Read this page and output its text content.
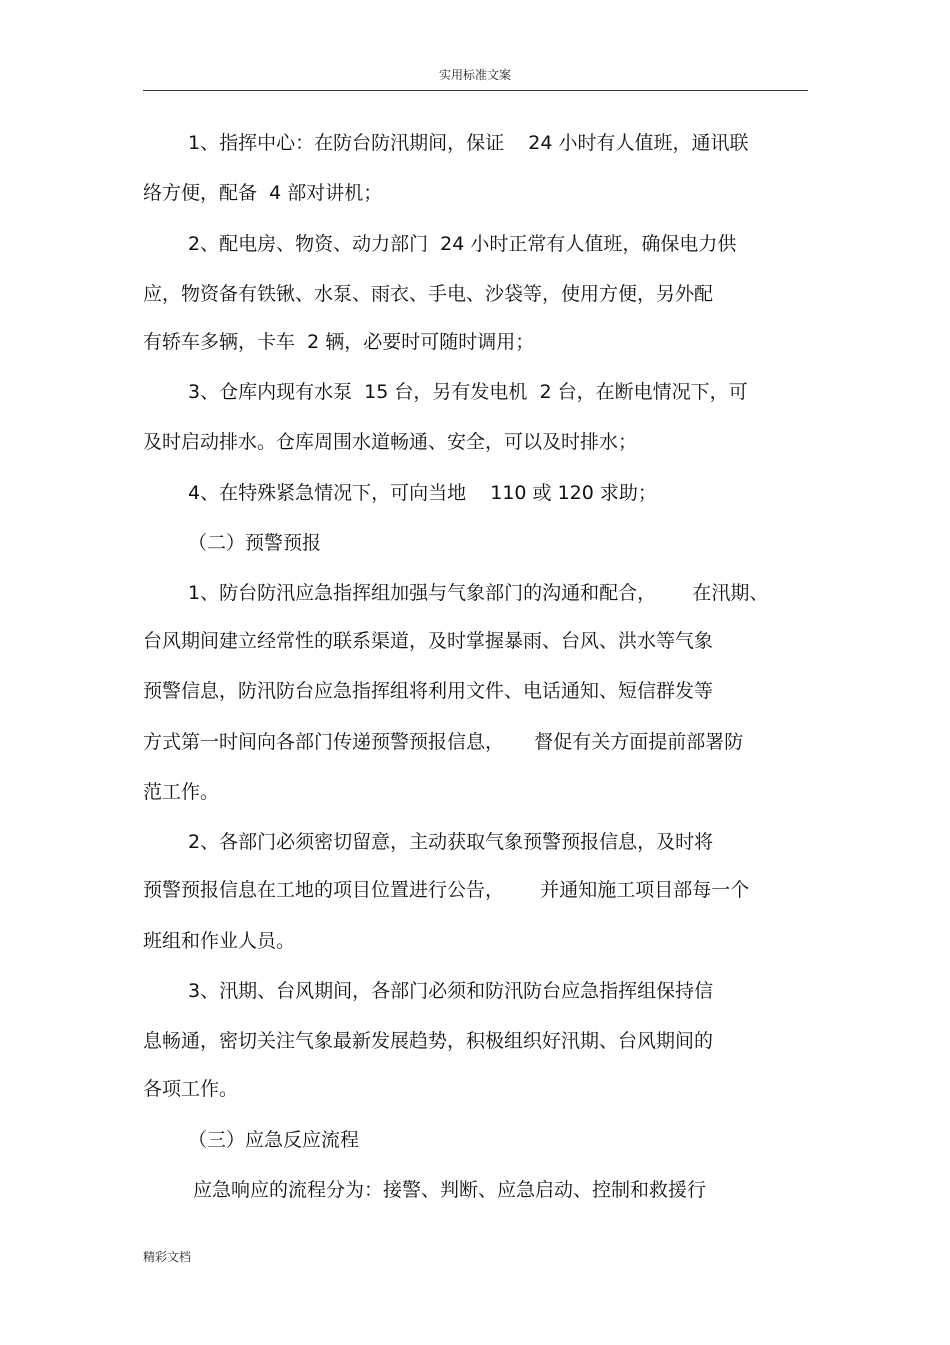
实用标准文案
1、指挥中心：在防台防汛期间，保证    24 小时有人值班，通讯联
络方便，配备  4 部对讲机；
2、配电房、物资、动力部门  24 小时正常有人值班，确保电力供
应，物资备有铁锹、水泵、雨衣、手电、沙袋等，使用方便，另外配
有轿车多辆，卡车  2 辆，必要时可随时调用；
3、仓库内现有水泵  15 台，另有发电机  2 台，在断电情况下，可
及时启动排水。仓库周围水道畅通、安全，可以及时排水；
4、在特殊紧急情况下，可向当地    110 或 120 求助；
（二）预警预报
1、防台防汛应急指挥组加强与气象部门的沟通和配合，      在汛期、
台风期间建立经常性的联系渠道，及时掌握暴雨、台风、洪水等气象
预警信息，防汛防台应急指挥组将利用文件、电话通知、短信群发等
方式第一时间向各部门传递预警预报信息，     督促有关方面提前部署防
范工作。
2、各部门必须密切留意，主动获取气象预警预报信息，及时将
预警预报信息在工地的项目位置进行公告，      并通知施工项目部每一个
班组和作业人员。
3、汛期、台风期间，各部门必须和防汛防台应急指挥组保持信
息畅通，密切关注气象最新发展趋势，积极组织好汛期、台风期间的
各项工作。
（三）应急反应流程
应急响应的流程分为：接警、判断、应急启动、控制和救援行
精彩文档
